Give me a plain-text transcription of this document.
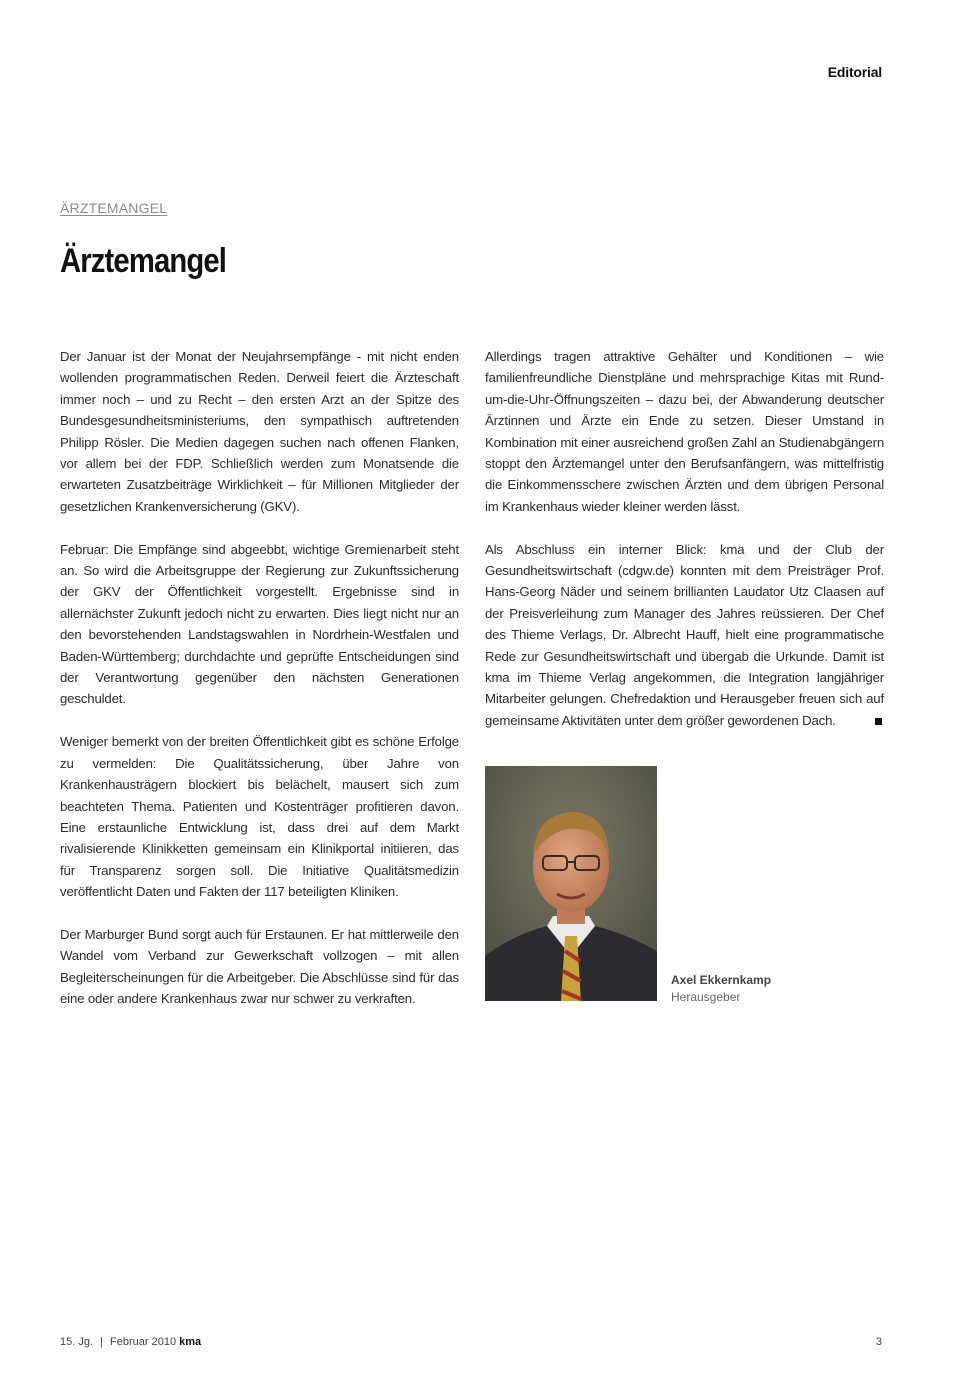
Editorial
ÄRZTEMANGEL
Ärztemangel

Der Januar ist der Monat der Neujahrsempfänge - mit nicht enden wollenden programmatischen Reden. Derweil feiert die Ärzteschaft immer noch – und zu Recht – den ersten Arzt an der Spitze des Bundesgesundheitsministeriums, den sympathisch auftretenden Philipp Rösler. Die Medien dagegen suchen nach offenen Flanken, vor allem bei der FDP. Schließlich werden zum Monatsende die erwarteten Zusatzbeiträge Wirklichkeit – für Millionen Mitglieder der gesetzlichen Krankenversicherung (GKV).

Februar: Die Empfänge sind abgeebbt, wichtige Gremienarbeit steht an. So wird die Arbeitsgruppe der Regierung zur Zukunftssicherung der GKV der Öffentlichkeit vorgestellt. Ergebnisse sind in allernächster Zukunft jedoch nicht zu erwarten. Dies liegt nicht nur an den bevorstehenden Landstagswahlen in Nordrhein-Westfalen und Baden-Württemberg; durchdachte und geprüfte Entscheidungen sind der Verantwortung gegenüber den nächsten Generationen geschuldet.

Weniger bemerkt von der breiten Öffentlichkeit gibt es schöne Erfolge zu vermelden: Die Qualitätssicherung, über Jahre von Krankenhausträgern blockiert bis belächelt, mausert sich zum beachteten Thema. Patienten und Kostenträger profitieren davon. Eine erstaunliche Entwicklung ist, dass drei auf dem Markt rivalisierende Klinikketten gemeinsam ein Klinikportal initiieren, das für Transparenz sorgen soll. Die Initiative Qualitätsmedizin veröffentlicht Daten und Fakten der 117 beteiligten Kliniken.

Der Marburger Bund sorgt auch für Erstaunen. Er hat mittlerweile den Wandel vom Verband zur Gewerkschaft vollzogen – mit allen Begleiterscheinungen für die Arbeitgeber. Die Abschlüsse sind für das eine oder andere Krankenhaus zwar nur schwer zu verkraften.

Allerdings tragen attraktive Gehälter und Konditionen – wie familienfreundliche Dienstpläne und mehrsprachige Kitas mit Rund-um-die-Uhr-Öffnungszeiten – dazu bei, der Abwanderung deutscher Ärztinnen und Ärzte ein Ende zu setzen. Dieser Umstand in Kombination mit einer ausreichend großen Zahl an Studienabgängern stoppt den Ärztemangel unter den Berufsanfängern, was mittelfristig die Einkommensschere zwischen Ärzten und dem übrigen Personal im Krankenhaus wieder kleiner werden lässt.

Als Abschluss ein interner Blick: kma und der Club der Gesundheitswirtschaft (cdgw.de) konnten mit dem Preisträger Prof. Hans-Georg Näder und seinem brillianten Laudator Utz Claasen auf der Preisverleihung zum Manager des Jahres reüssieren. Der Chef des Thieme Verlags, Dr. Albrecht Hauff, hielt eine programmatische Rede zur Gesundheitswirtschaft und übergab die Urkunde. Damit ist kma im Thieme Verlag angekommen, die Integration langjähriger Mitarbeiter gelungen. Chefredaktion und Herausgeber freuen sich auf gemeinsame Aktivitäten unter dem größer gewordenen Dach.

Axel Ekkernkamp
Herausgeber
15. Jg. | Februar 2010 kma	3
